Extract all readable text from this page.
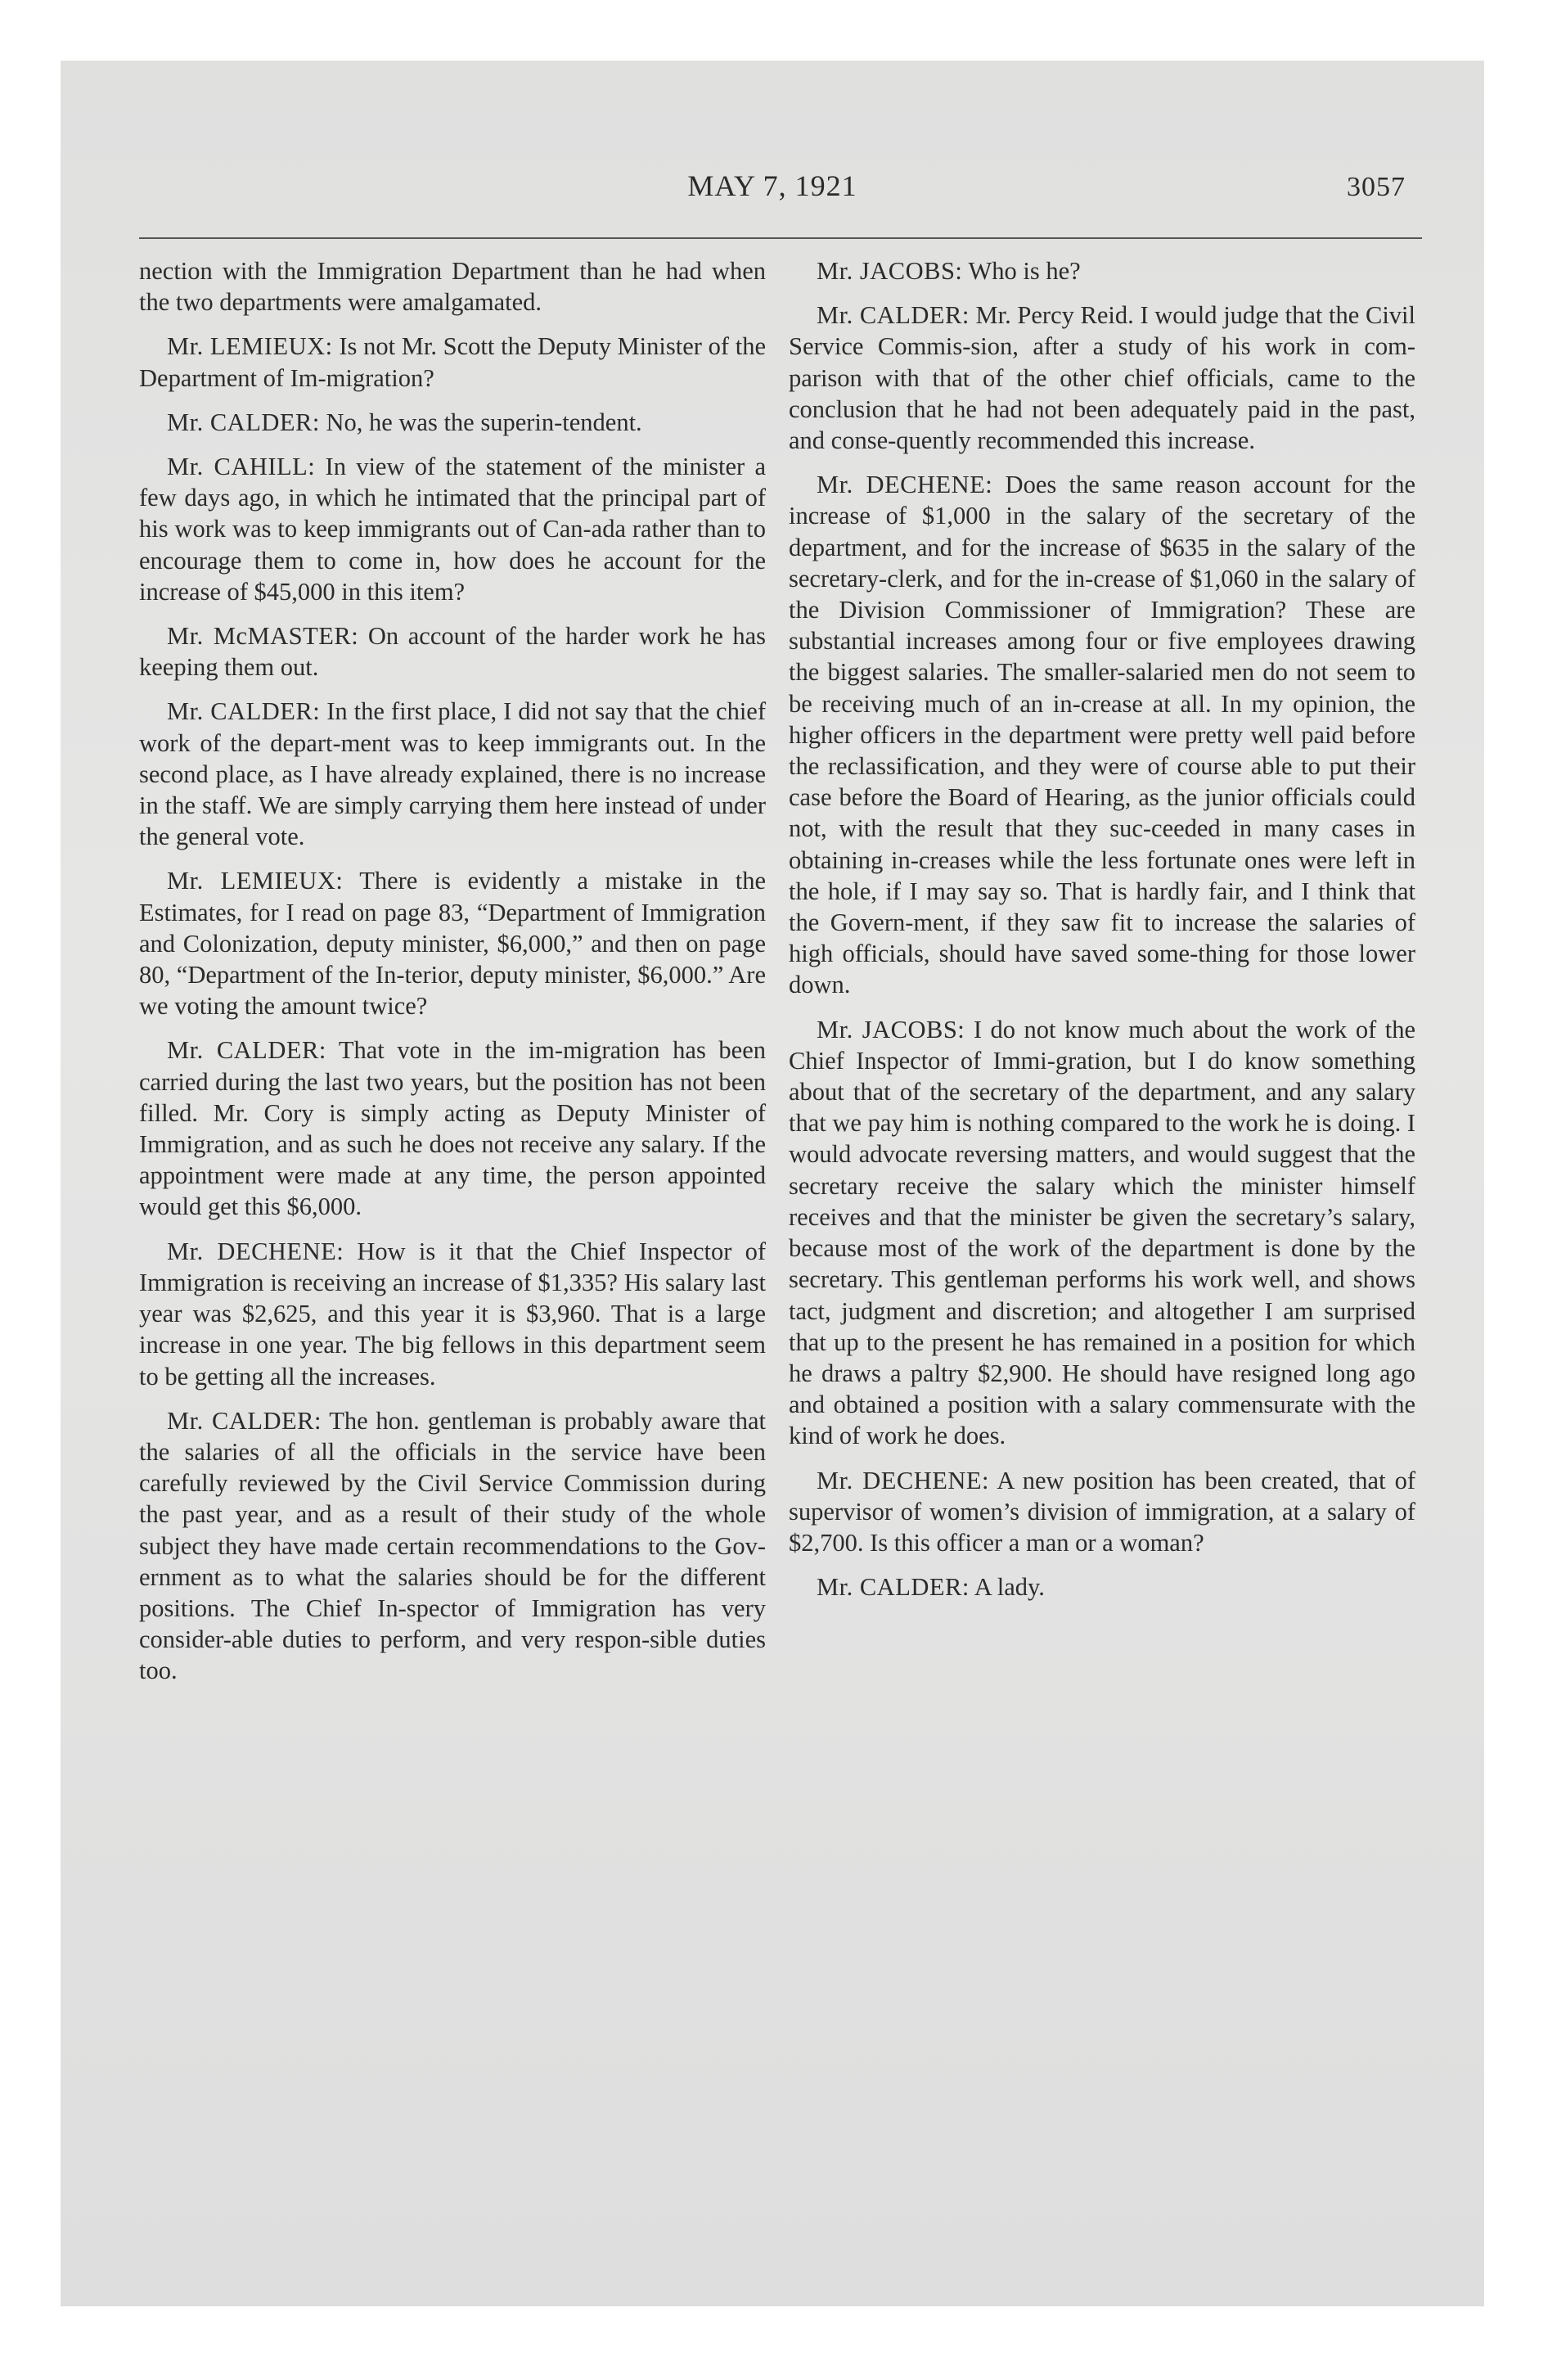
MAY 7, 1921	3057

nection with the Immigration Department than he had when the two departments were amalgamated.

Mr. LEMIEUX: Is not Mr. Scott the Deputy Minister of the Department of Im-migration?

Mr. CALDER: No, he was the superin-tendent.

Mr. CAHILL: In view of the statement of the minister a few days ago, in which he intimated that the principal part of his work was to keep immigrants out of Can-ada rather than to encourage them to come in, how does he account for the increase of $45,000 in this item?

Mr. McMASTER: On account of the harder work he has keeping them out.

Mr. CALDER: In the first place, I did not say that the chief work of the depart-ment was to keep immigrants out. In the second place, as I have already explained, there is no increase in the staff. We are simply carrying them here instead of under the general vote.

Mr. LEMIEUX: There is evidently a mistake in the Estimates, for I read on page 83, “Department of Immigration and Colonization, deputy minister, $6,000,” and then on page 80, “Department of the In-terior, deputy minister, $6,000.” Are we voting the amount twice?

Mr. CALDER: That vote in the im-migration has been carried during the last two years, but the position has not been filled. Mr. Cory is simply acting as Deputy Minister of Immigration, and as such he does not receive any salary. If the appointment were made at any time, the person appointed would get this $6,000.

Mr. DECHENE: How is it that the Chief Inspector of Immigration is receiving an increase of $1,335? His salary last year was $2,625, and this year it is $3,960. That is a large increase in one year. The big fellows in this department seem to be getting all the increases.

Mr. CALDER: The hon. gentleman is probably aware that the salaries of all the officials in the service have been carefully reviewed by the Civil Service Commission during the past year, and as a result of their study of the whole subject they have made certain recommendations to the Gov-ernment as to what the salaries should be for the different positions. The Chief In-spector of Immigration has very consider-able duties to perform, and very respon-sible duties too.

Mr. JACOBS: Who is he?

Mr. CALDER: Mr. Percy Reid. I would judge that the Civil Service Commis-sion, after a study of his work in com-parison with that of the other chief officials, came to the conclusion that he had not been adequately paid in the past, and conse-quently recommended this increase.

Mr. DECHENE: Does the same reason account for the increase of $1,000 in the salary of the secretary of the department, and for the increase of $635 in the salary of the secretary-clerk, and for the in-crease of $1,060 in the salary of the Division Commissioner of Immigration? These are substantial increases among four or five employees drawing the biggest salaries. The smaller-salaried men do not seem to be receiving much of an in-crease at all. In my opinion, the higher officers in the department were pretty well paid before the reclassification, and they were of course able to put their case before the Board of Hearing, as the junior officials could not, with the result that they suc-ceeded in many cases in obtaining in-creases while the less fortunate ones were left in the hole, if I may say so. That is hardly fair, and I think that the Govern-ment, if they saw fit to increase the salaries of high officials, should have saved some-thing for those lower down.

Mr. JACOBS: I do not know much about the work of the Chief Inspector of Immi-gration, but I do know something about that of the secretary of the department, and any salary that we pay him is nothing compared to the work he is doing. I would advocate reversing matters, and would suggest that the secretary receive the salary which the minister himself receives and that the minister be given the secretary’s salary, because most of the work of the department is done by the secretary. This gentleman performs his work well, and shows tact, judgment and discretion; and altogether I am surprised that up to the present he has remained in a position for which he draws a paltry $2,900. He should have resigned long ago and obtained a position with a salary commensurate with the kind of work he does.

Mr. DECHENE: A new position has been created, that of supervisor of women’s division of immigration, at a salary of $2,700. Is this officer a man or a woman?

Mr. CALDER: A lady.
